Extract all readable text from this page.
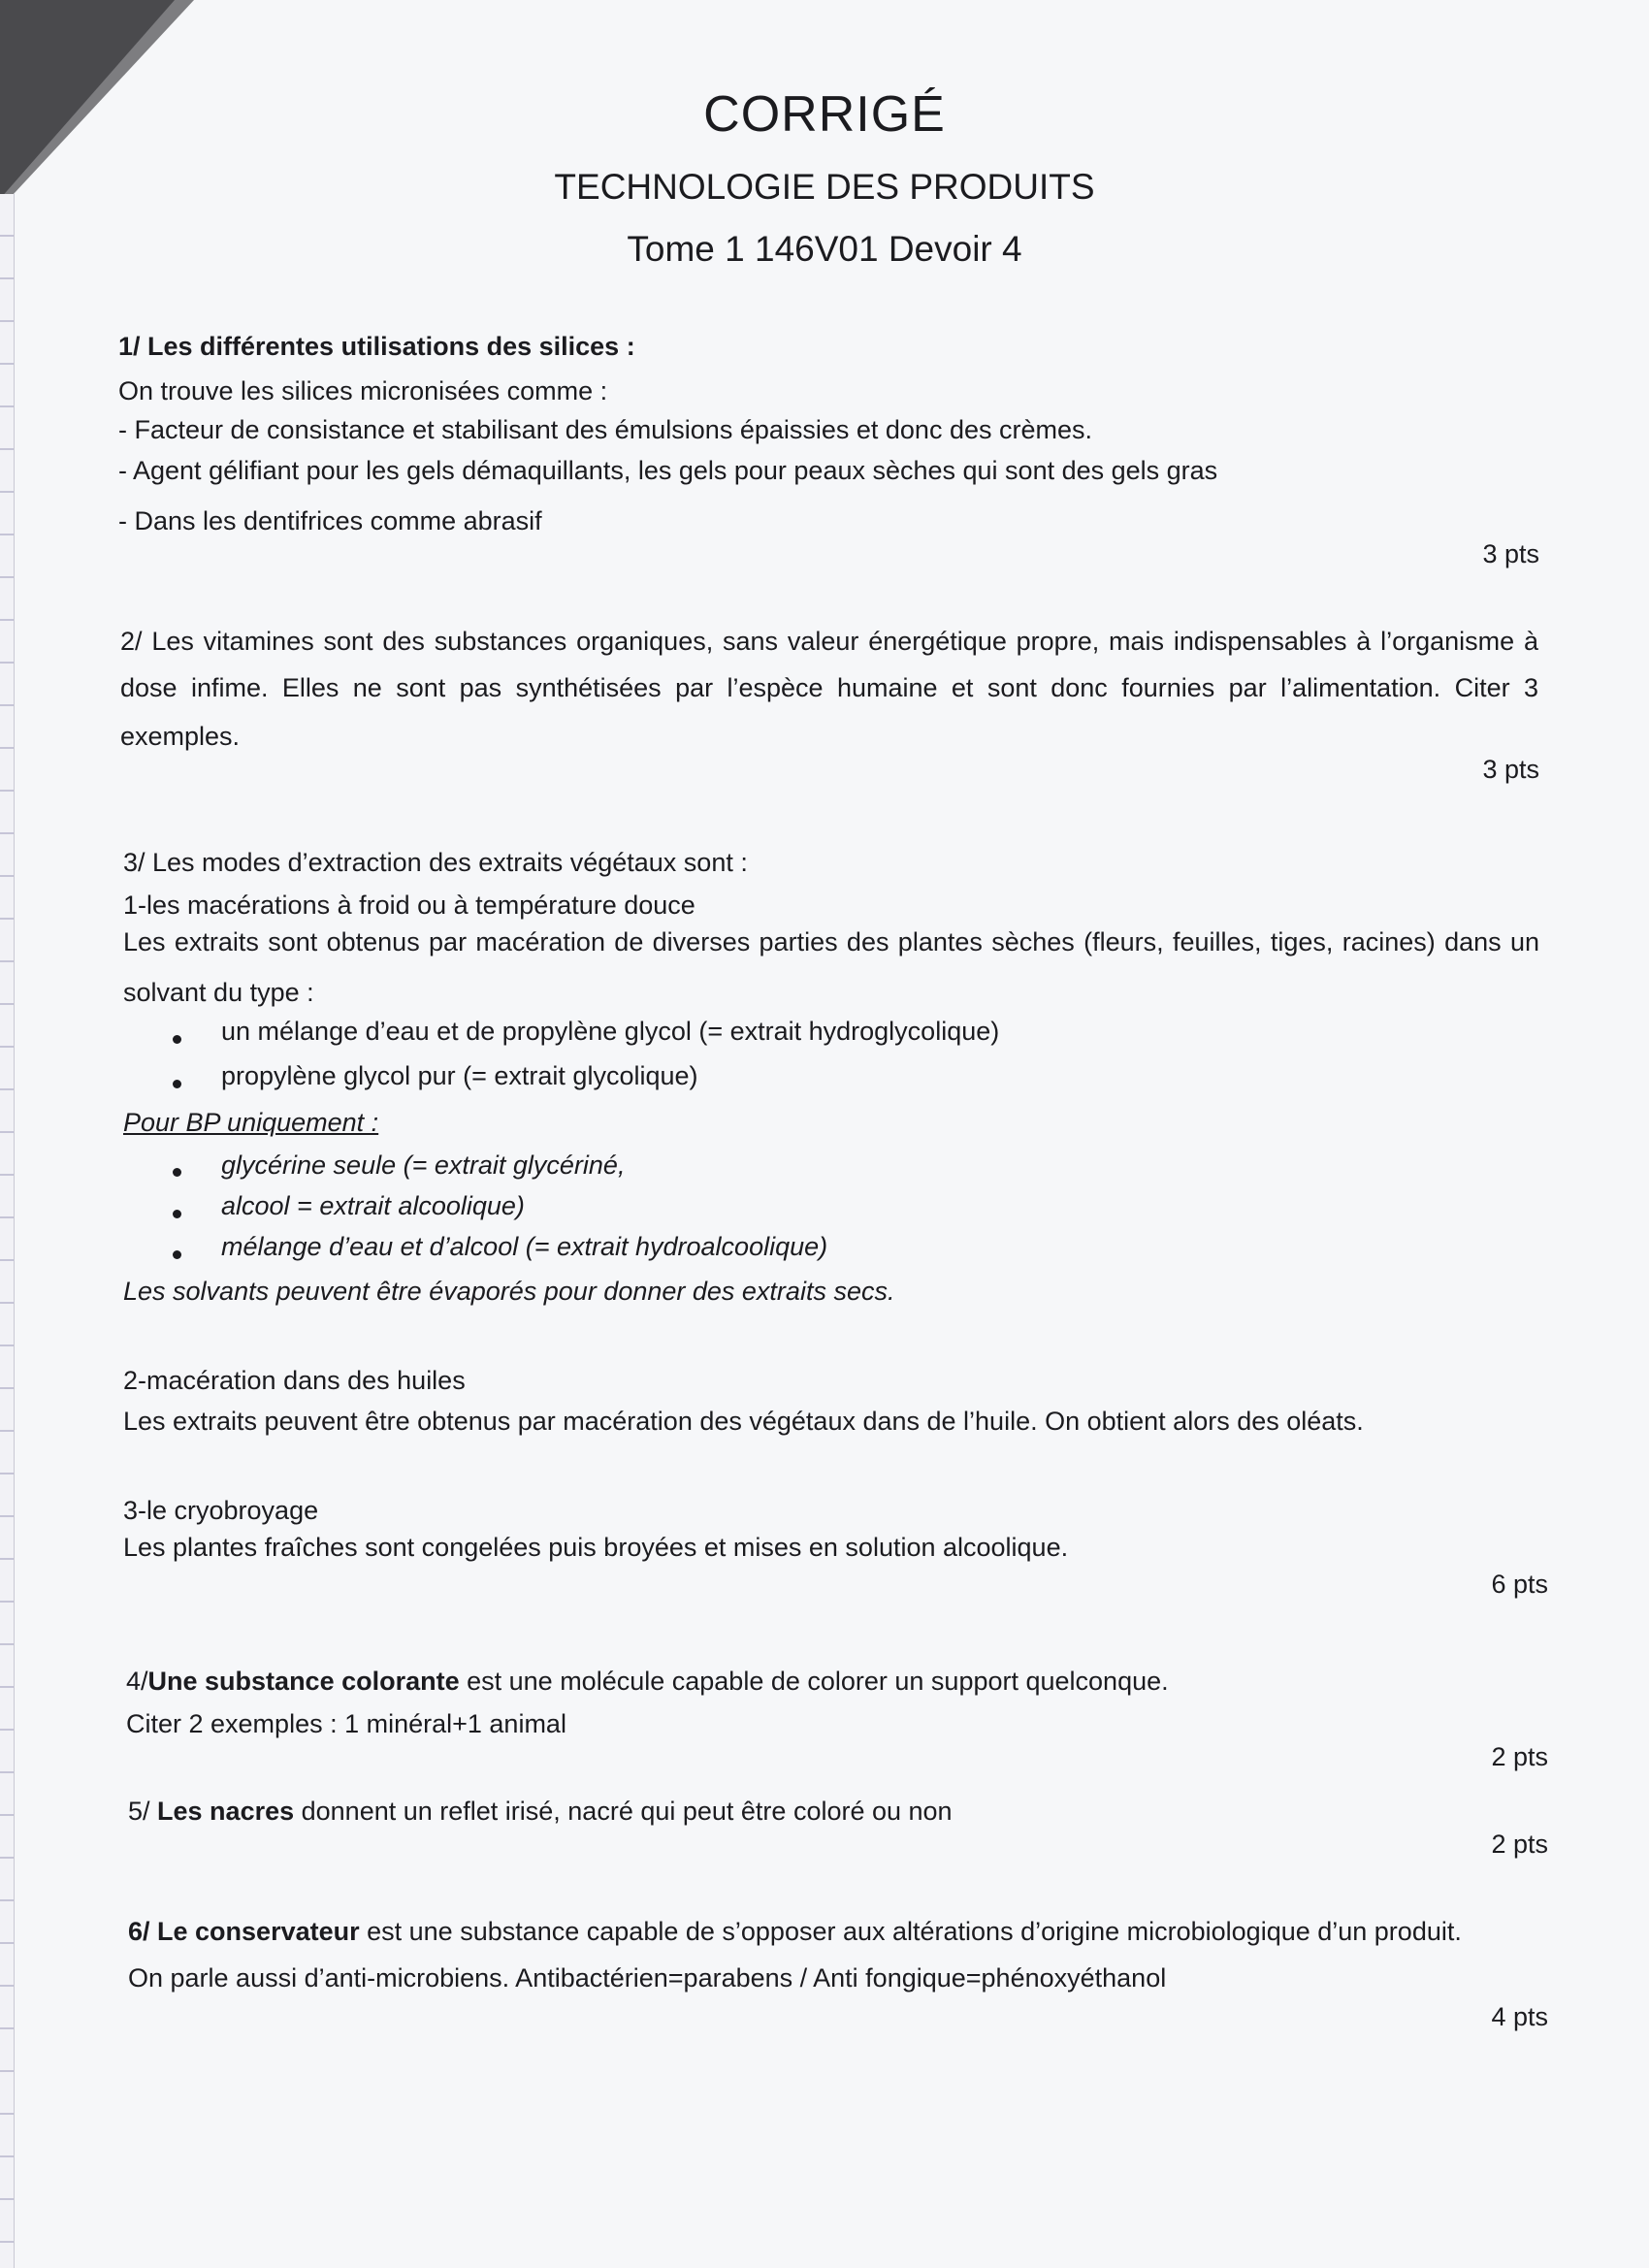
CORRIGÉ
TECHNOLOGIE DES PRODUITS
Tome 1 146V01 Devoir 4
1/ Les différentes utilisations des silices :
On trouve les silices micronisées comme :
- Facteur de consistance et stabilisant des émulsions épaissies et donc des crèmes.
- Agent gélifiant pour les gels démaquillants, les gels pour peaux sèches qui sont des gels gras
- Dans les dentifrices comme abrasif
3 pts
2/ Les vitamines sont des substances organiques, sans valeur énergétique propre, mais indispensables à l’organisme à
dose infime. Elles ne sont pas synthétisées par l’espèce humaine et sont donc fournies par l’alimentation. Citer 3
exemples.
3 pts
3/ Les modes d’extraction des extraits végétaux sont :
1-les macérations à froid ou à température douce
Les extraits sont obtenus par macération de diverses parties des plantes sèches (fleurs, feuilles, tiges, racines) dans un
solvant du type :
un mélange d’eau et de propylène glycol (= extrait hydroglycolique)
propylène glycol pur (= extrait glycolique)
Pour BP uniquement :
glycérine seule (= extrait glycériné,
alcool = extrait alcoolique)
mélange d’eau et d’alcool (= extrait hydroalcoolique)
Les solvants peuvent être évaporés pour donner des extraits secs.
2-macération dans des huiles
Les extraits peuvent être obtenus par macération des végétaux dans de l’huile. On obtient alors des oléats.
3-le cryobroyage
Les plantes fraîches sont congelées puis broyées et mises en solution alcoolique.
6 pts
4/Une substance colorante est une molécule capable de colorer un support quelconque.
Citer 2 exemples : 1 minéral+1 animal
2 pts
5/ Les nacres donnent un reflet irisé, nacré qui peut être coloré ou non
2 pts
6/ Le conservateur est une substance capable de s’opposer aux altérations d’origine microbiologique d’un produit.
On parle aussi d’anti-microbiens. Antibactérien=parabens / Anti fongique=phénoxyéthanol
4 pts
